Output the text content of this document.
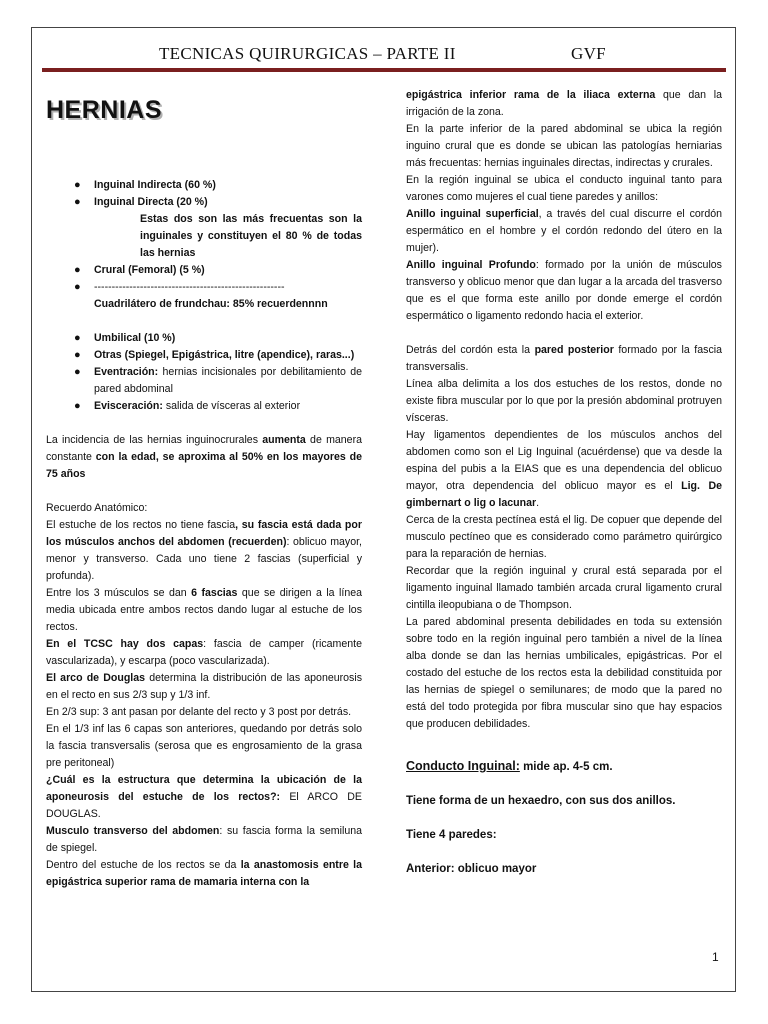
TECNICAS QUIRURGICAS – PARTE II	GVF
HERNIAS
● Inguinal Indirecta (60 %)
● Inguinal Directa (20 %)
Estas dos son las más frecuentas son la inguinales y constituyen el 80 % de todas las hernias
● Crural (Femoral) (5 %)
● ------------------------------------------------------
Cuadrilátero de frundchau: 85% recuerdennnn
● Umbilical (10 %)
● Otras (Spiegel, Epigástrica, litre (apendice), raras...)
● Eventración: hernias incisionales por debilitamiento de pared abdominal
● Evisceración: salida de vísceras al exterior

La incidencia de las hernias inguinocrurales aumenta de manera constante con la edad, se aproxima al 50% en los mayores de 75 años

Recuerdo Anatómico:

El estuche de los rectos no tiene fascia, su fascia está dada por los músculos anchos del abdomen (recuerden): oblicuo mayor, menor y transverso. Cada uno tiene 2 fascias (superficial y profunda).

Entre los 3 músculos se dan 6 fascias que se dirigen a la línea media ubicada entre ambos rectos dando lugar al estuche de los rectos.

En el TCSC hay dos capas: fascia de camper (ricamente vascularizada), y escarpa (poco vascularizada).

El arco de Douglas determina la distribución de las aponeurosis en el recto en sus 2/3 sup y 1/3 inf.

En 2/3 sup: 3 ant pasan por delante del recto y 3 post por detrás.

En el 1/3 inf las 6 capas son anteriores, quedando por detrás solo la fascia transversalis (serosa que es engrosamiento de la grasa pre peritoneal)

¿Cuál es la estructura que determina la ubicación de la aponeurosis del estuche de los rectos?: El ARCO DE DOUGLAS.

Musculo transverso del abdomen: su fascia forma la semiluna de spiegel.

Dentro del estuche de los rectos se da la anastomosis entre la epigástrica superior rama de mamaria interna con la

epigástrica inferior rama de la iliaca externa que dan la irrigación de la zona.

En la parte inferior de la pared abdominal se ubica la región inguino crural que es donde se ubican las patologías herniarias más frecuentas: hernias inguinales directas, indirectas y crurales.

En la región inguinal se ubica el conducto inguinal tanto para varones como mujeres el cual tiene paredes y anillos:

Anillo inguinal superficial, a través del cual discurre el cordón espermático en el hombre y el cordón redondo del útero en la mujer).

Anillo inguinal Profundo: formado por la unión de músculos transverso y oblicuo menor que dan lugar a la arcada del trasverso que es el que forma este anillo por donde emerge el cordón espermático o ligamento redondo hacia el exterior.

Detrás del cordón esta la pared posterior formado por la fascia transversalis.

Línea alba delimita a los dos estuches de los restos, donde no existe fibra muscular por lo que por la presión abdominal protruyen vísceras.

Hay ligamentos dependientes de los músculos anchos del abdomen como son el Lig Inguinal (acuérdense) que va desde la espina del pubis a la EIAS que es una dependencia del oblicuo mayor, otra dependencia del oblicuo mayor es el Lig. De gimbernart o lig o lacunar.

Cerca de la cresta pectínea está el lig. De copuer que depende del musculo pectíneo que es considerado como parámetro quirúrgico para la reparación de hernias.

Recordar que la región inguinal y crural está separada por el ligamento inguinal llamado también arcada crural ligamento crural cintilla ileopubiana o de Thompson.

La pared abdominal presenta debilidades en toda su extensión sobre todo en la región inguinal pero también a nivel de la línea alba donde se dan las hernias umbilicales, epigástricas. Por el costado del estuche de los rectos esta la debilidad constituida por las hernias de spiegel o semilunares; de modo que la pared no está del todo protegida por fibra muscular sino que hay espacios que producen debilidades.

Conducto Inguinal: mide ap. 4-5 cm.

Tiene forma de un hexaedro, con sus dos anillos.

Tiene 4 paredes:

Anterior: oblicuo mayor

1
